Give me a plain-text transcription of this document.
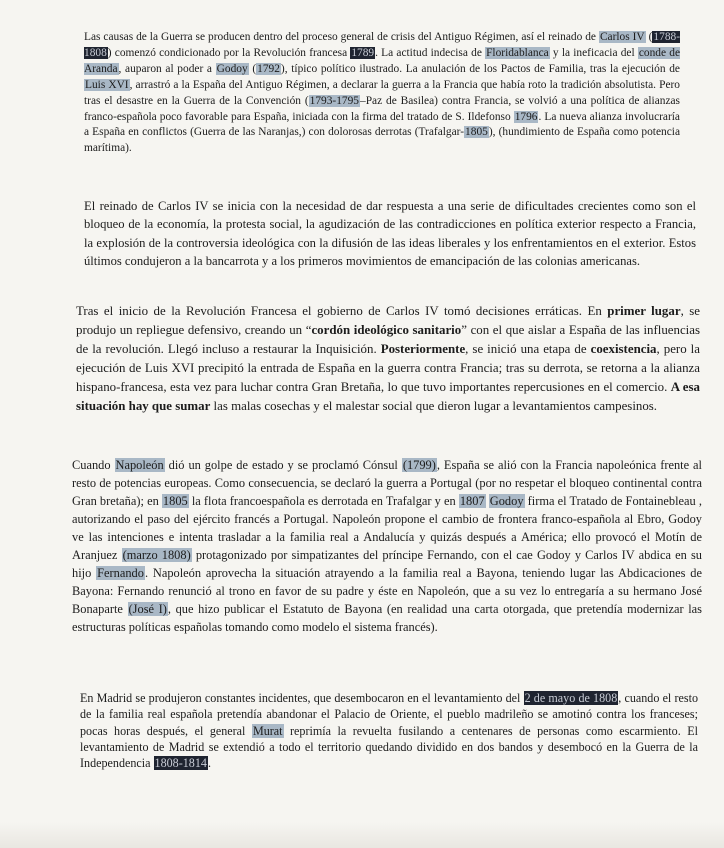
Las causas de la Guerra se producen dentro del proceso general de crisis del Antiguo Régimen, así el reinado de Carlos IV (1788-1808) comenzó condicionado por la Revolución francesa 1789. La actitud indecisa de Floridablanca y la ineficacia del conde de Aranda, auparon al poder a Godoy (1792), típico político ilustrado. La anulación de los Pactos de Familia, tras la ejecución de Luis XVI, arrastró a la España del Antiguo Régimen, a declarar la guerra a la Francia que había roto la tradición absolutista. Pero tras el desastre en la Guerra de la Convención (1793-1795–Paz de Basilea) contra Francia, se volvió a una política de alianzas franco-española poco favorable para España, iniciada con la firma del tratado de S. Ildefonso 1796. La nueva alianza involucraría a España en conflictos (Guerra de las Naranjas,) con dolorosas derrotas (Trafalgar-1805), (hundimiento de España como potencia marítima).
El reinado de Carlos IV se inicia con la necesidad de dar respuesta a una serie de dificultades crecientes como son el bloqueo de la economía, la protesta social, la agudización de las contradicciones en política exterior respecto a Francia, la explosión de la controversia ideológica con la difusión de las ideas liberales y los enfrentamientos en el exterior. Estos últimos condujeron a la bancarrota y a los primeros movimientos de emancipación de las colonias americanas.
Tras el inicio de la Revolución Francesa el gobierno de Carlos IV tomó decisiones erráticas. En primer lugar, se produjo un repliegue defensivo, creando un “cordón ideológico sanitario” con el que aislar a España de las influencias de la revolución. Llegó incluso a restaurar la Inquisición. Posteriormente, se inició una etapa de coexistencia, pero la ejecución de Luis XVI precipitó la entrada de España en la guerra contra Francia; tras su derrota, se retorna a la alianza hispano-francesa, esta vez para luchar contra Gran Bretaña, lo que tuvo importantes repercusiones en el comercio. A esa situación hay que sumar las malas cosechas y el malestar social que dieron lugar a levantamientos campesinos.
Cuando Napoleón dió un golpe de estado y se proclamó Cónsul (1799), España se alió con la Francia napoleónica frente al resto de potencias europeas. Como consecuencia, se declaró la guerra a Portugal (por no respetar el bloqueo continental contra Gran bretaña); en 1805 la flota francoespañola es derrotada en Trafalgar y en 1807 Godoy firma el Tratado de Fontainebleau , autorizando el paso del ejército francés a Portugal. Napoleón propone el cambio de frontera franco-española al Ebro, Godoy ve las intenciones e intenta trasladar a la familia real a Andalucía y quizás después a América; ello provocó el Motín de Aranjuez (marzo 1808) protagonizado por simpatizantes del príncipe Fernando, con el cae Godoy y Carlos IV abdica en su hijo Fernando. Napoleón aprovecha la situación atrayendo a la familia real a Bayona, teniendo lugar las Abdicaciones de Bayona: Fernando renunció al trono en favor de su padre y éste en Napoleón, que a su vez lo entregaría a su hermano José Bonaparte (José I), que hizo publicar el Estatuto de Bayona (en realidad una carta otorgada, que pretendía modernizar las estructuras políticas españolas tomando como modelo el sistema francés).
En Madrid se produjeron constantes incidentes, que desembocaron en el levantamiento del 2 de mayo de 1808, cuando el resto de la familia real española pretendía abandonar el Palacio de Oriente, el pueblo madrileño se amotinó contra los franceses; pocas horas después, el general Murat reprimía la revuelta fusilando a centenares de personas como escarmiento. El levantamiento de Madrid se extendió a todo el territorio quedando dividido en dos bandos y desembocó en la Guerra de la Independencia 1808-1814.
